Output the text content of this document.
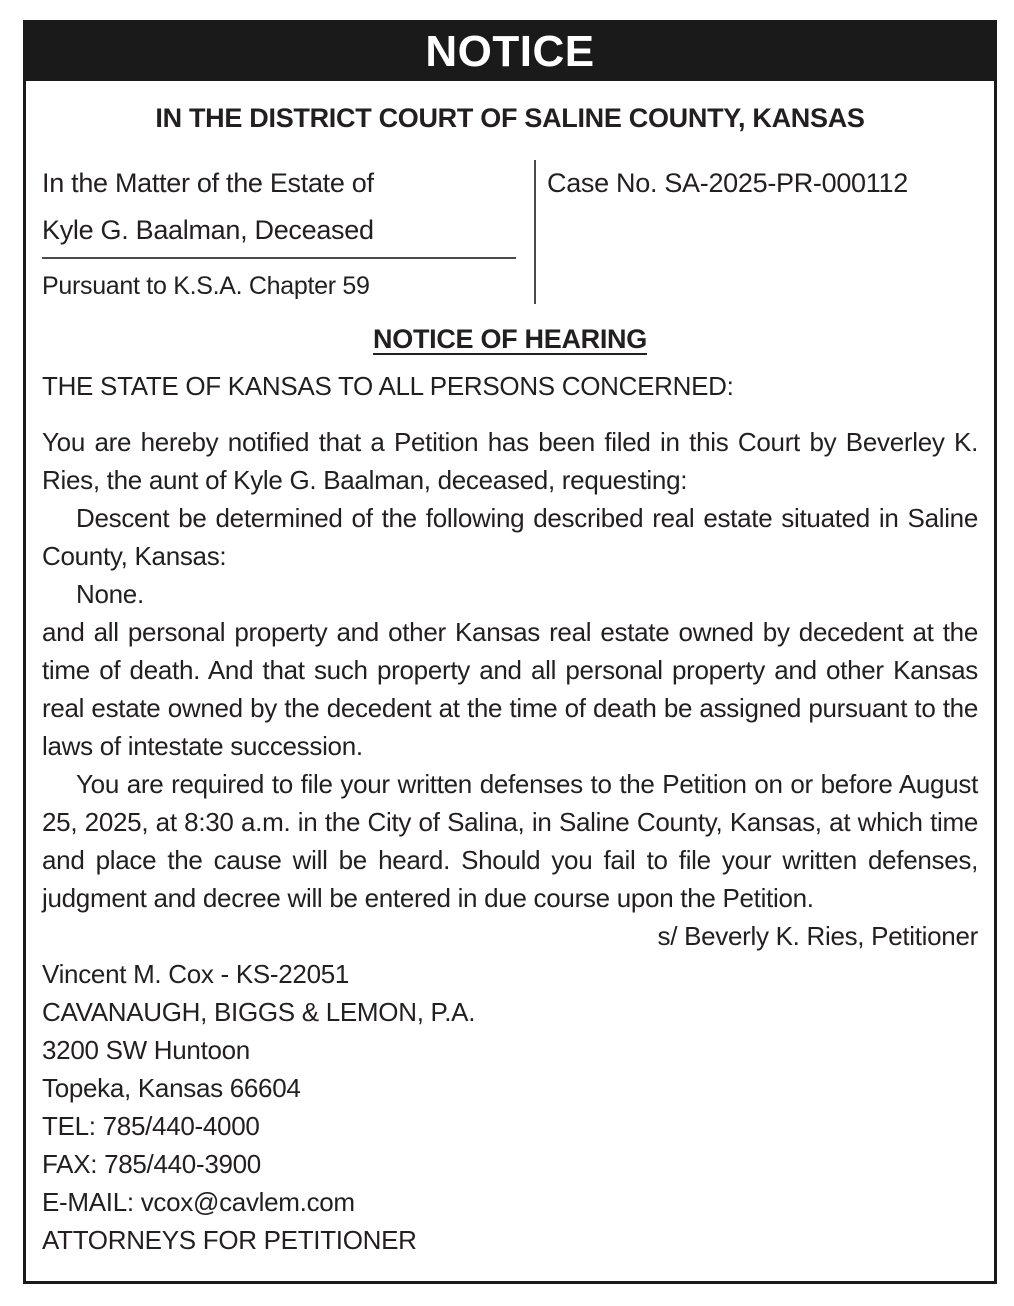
NOTICE
IN THE DISTRICT COURT OF SALINE COUNTY, KANSAS
In the Matter of the Estate of
Kyle G. Baalman, Deceased
Pursuant to K.S.A. Chapter 59
Case No. SA-2025-PR-000112
NOTICE OF HEARING

THE STATE OF KANSAS TO ALL PERSONS CONCERNED:

You are hereby notified that a Petition has been filed in this Court by Beverley K. Ries, the aunt of Kyle G. Baalman, deceased, requesting:

Descent be determined of the following described real estate situated in Saline County, Kansas:

None.

and all personal property and other Kansas real estate owned by decedent at the time of death. And that such property and all personal property and other Kansas real estate owned by the decedent at the time of death be assigned pursuant to the laws of intestate succession.

You are required to file your written defenses to the Petition on or before August 25, 2025, at 8:30 a.m. in the City of Salina, in Saline County, Kansas, at which time and place the cause will be heard. Should you fail to file your written defenses, judgment and decree will be entered in due course upon the Petition.

s/ Beverly K. Ries, Petitioner

Vincent M. Cox - KS-22051
CAVANAUGH, BIGGS & LEMON, P.A.
3200 SW Huntoon
Topeka, Kansas 66604
TEL: 785/440-4000
FAX: 785/440-3900
E-MAIL: vcox@cavlem.com
ATTORNEYS FOR PETITIONER
